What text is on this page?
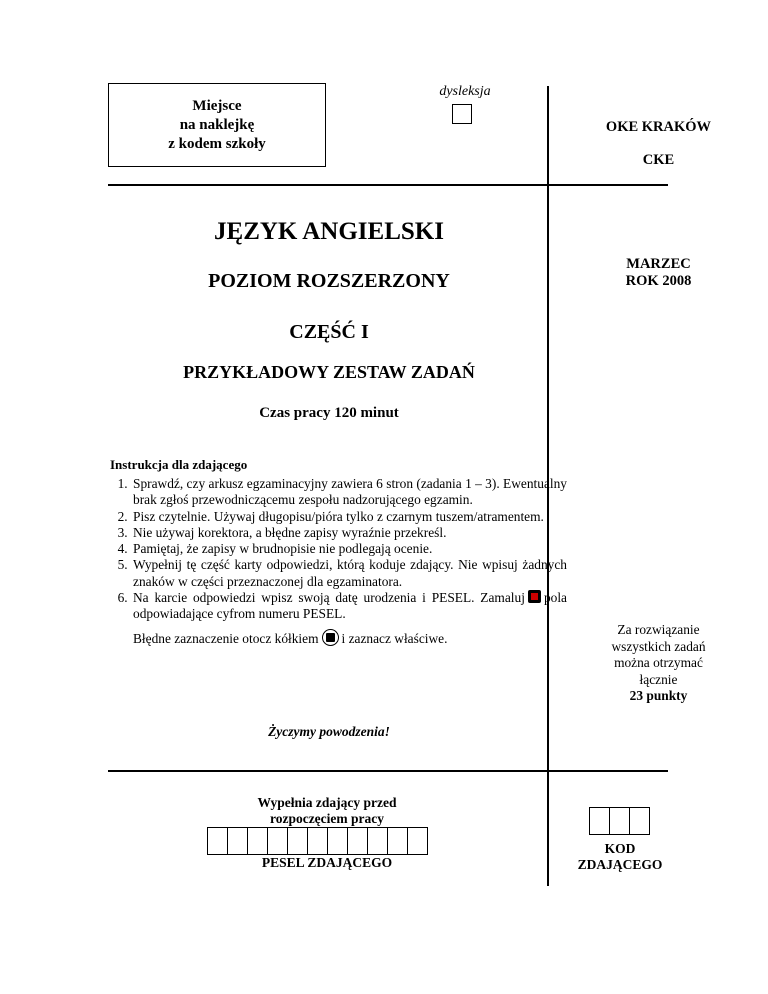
Miejsce
na naklejkę
z kodem szkoły
dysleksja
OKE KRAKÓW
CKE
MARZEC
ROK 2008
Za rozwiązanie
wszystkich zadań
można otrzymać
łącznie
23 punkty
JĘZYK ANGIELSKI
POZIOM ROZSZERZONY
CZĘŚĆ I
PRZYKŁADOWY ZESTAW ZADAŃ
Czas pracy 120 minut
Instrukcja dla zdającego
1. Sprawdź, czy arkusz egzaminacyjny zawiera 6 stron (zadania 1 – 3). Ewentualny brak zgłoś przewodniczącemu zespołu nadzorującego egzamin.
2. Pisz czytelnie. Używaj długopisu/pióra tylko z czarnym tuszem/atramentem.
3. Nie używaj korektora, a błędne zapisy wyraźnie przekreśl.
4. Pamiętaj, że zapisy w brudnopisie nie podlegają ocenie.
5. Wypełnij tę część karty odpowiedzi, którą koduje zdający. Nie wpisuj żadnych znaków w części przeznaczonej dla egzaminatora.
6. Na karcie odpowiedzi wpisz swoją datę urodzenia i PESEL. Zamaluj pola odpowiadające cyfrom numeru PESEL.
Błędne zaznaczenie otocz kółkiem i zaznacz właściwe.
Życzymy powodzenia!
Wypełnia zdający przed
rozpoczęciem pracy
PESEL ZDAJĄCEGO
KOD
ZDAJĄCEGO
